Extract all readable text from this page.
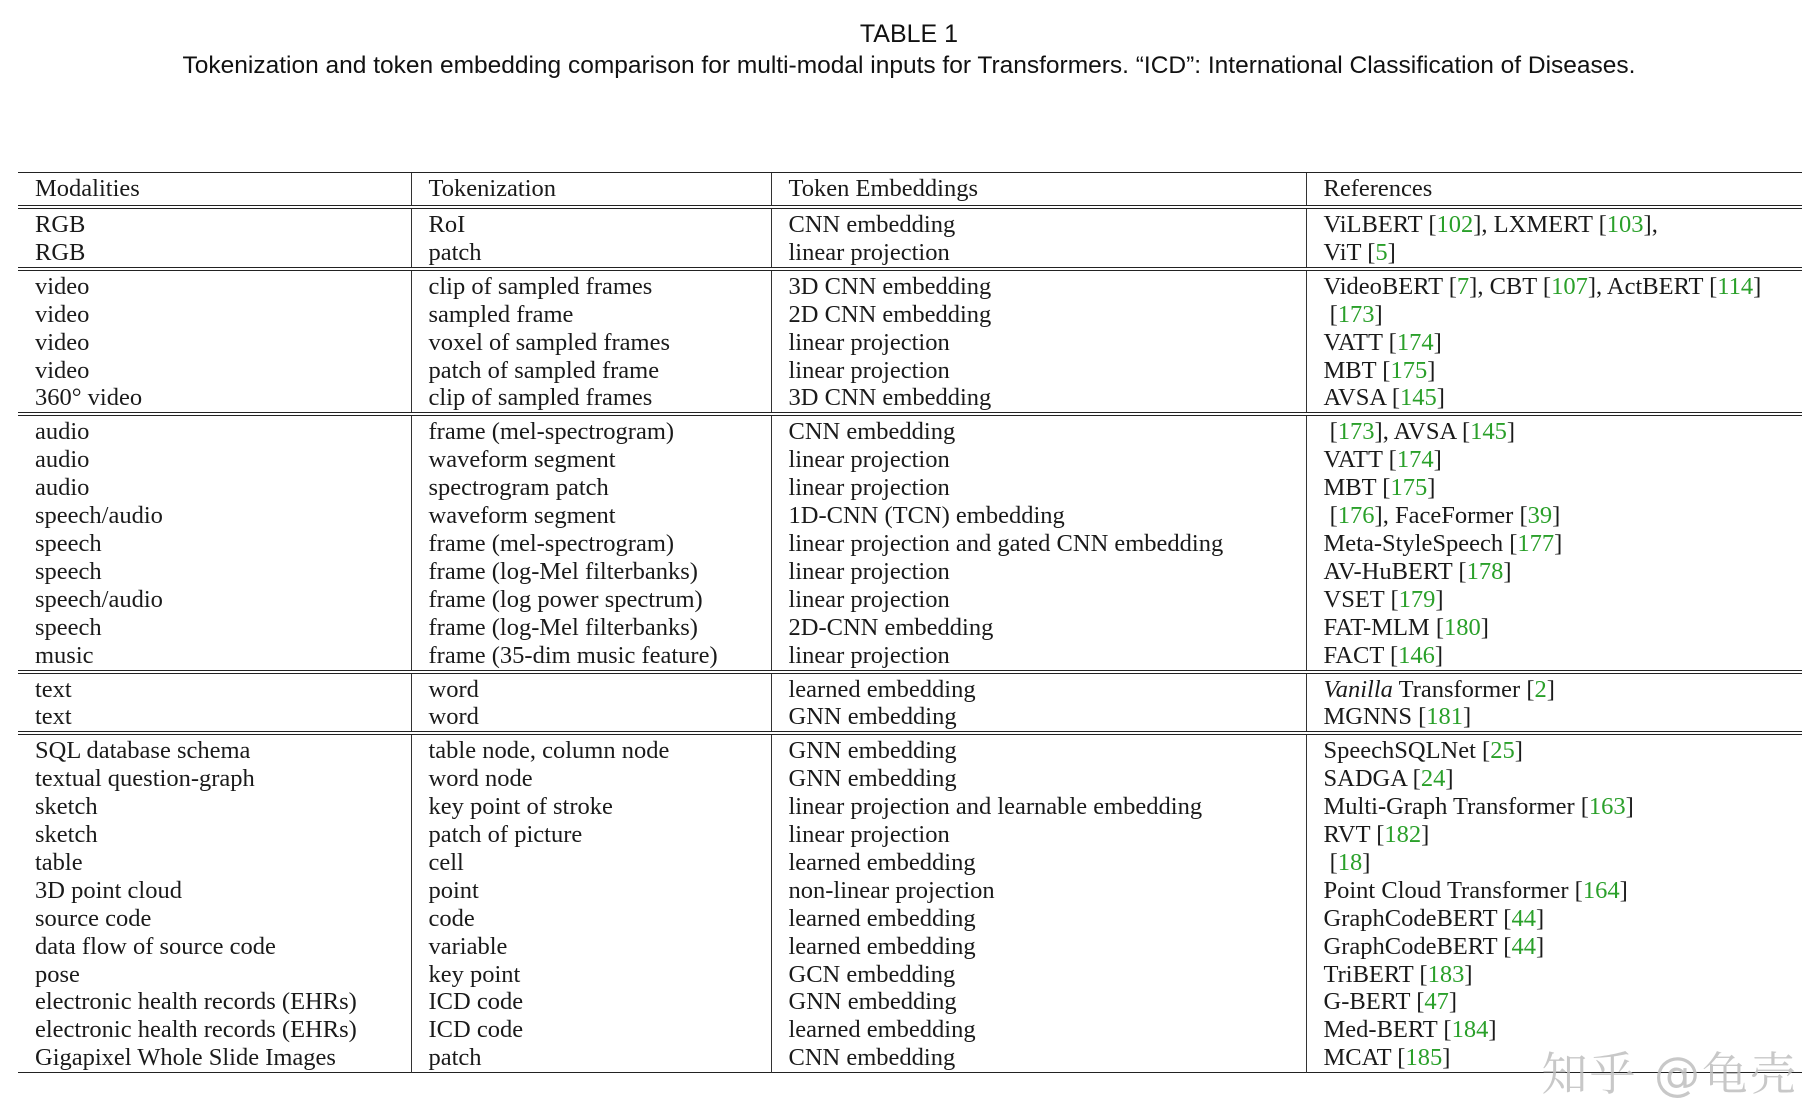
TABLE 1
Tokenization and token embedding comparison for multi-modal inputs for Transformers. “ICD”: International Classification of Diseases.
Modalities	Tokenization	Token Embeddings	References
RGB	RoI	CNN embedding	ViLBERT [102], LXMERT [103],
RGB	patch	linear projection	ViT [5]
video	clip of sampled frames	3D CNN embedding	VideoBERT [7], CBT [107], ActBERT [114]
video	sampled frame	2D CNN embedding	[173]
video	voxel of sampled frames	linear projection	VATT [174]
video	patch of sampled frame	linear projection	MBT [175]
360° video	clip of sampled frames	3D CNN embedding	AVSA [145]
audio	frame (mel-spectrogram)	CNN embedding	[173], AVSA [145]
audio	waveform segment	linear projection	VATT [174]
audio	spectrogram patch	linear projection	MBT [175]
speech/audio	waveform segment	1D-CNN (TCN) embedding	[176], FaceFormer [39]
speech	frame (mel-spectrogram)	linear projection and gated CNN embedding	Meta-StyleSpeech [177]
speech	frame (log-Mel filterbanks)	linear projection	AV-HuBERT [178]
speech/audio	frame (log power spectrum)	linear projection	VSET [179]
speech	frame (log-Mel filterbanks)	2D-CNN embedding	FAT-MLM [180]
music	frame (35-dim music feature)	linear projection	FACT [146]
text	word	learned embedding	Vanilla Transformer [2]
text	word	GNN embedding	MGNNS [181]
SQL database schema	table node, column node	GNN embedding	SpeechSQLNet [25]
textual question-graph	word node	GNN embedding	SADGA [24]
sketch	key point of stroke	linear projection and learnable embedding	Multi-Graph Transformer [163]
sketch	patch of picture	linear projection	RVT [182]
table	cell	learned embedding	[18]
3D point cloud	point	non-linear projection	Point Cloud Transformer [164]
source code	code	learned embedding	GraphCodeBERT [44]
data flow of source code	variable	learned embedding	GraphCodeBERT [44]
pose	key point	GCN embedding	TriBERT [183]
electronic health records (EHRs)	ICD code	GNN embedding	G-BERT [47]
electronic health records (EHRs)	ICD code	learned embedding	Med-BERT [184]
Gigapixel Whole Slide Images	patch	CNN embedding	MCAT [185] 知乎 @龟壳
